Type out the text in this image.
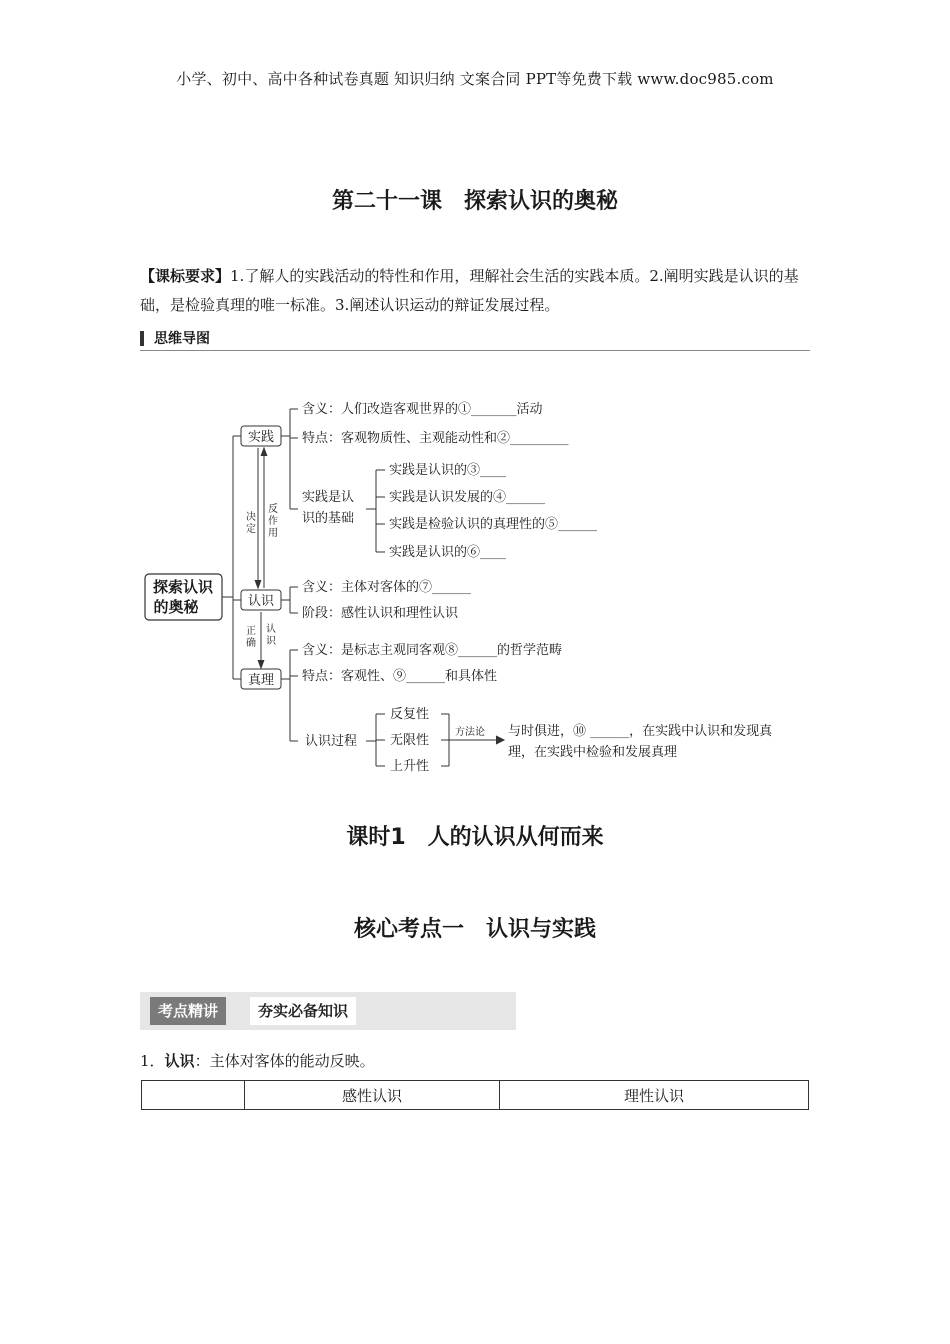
小学、初中、高中各种试卷真题 知识归纳 文案合同 PPT等免费下载 www.doc985.com
第二十一课　探索认识的奥秘
【课标要求】1.了解人的实践活动的特性和作用，理解社会生活的实践本质。2.阐明实践是认识的基础，是检验真理的唯一标准。3.阐述认识运动的辩证发展过程。
思维导图
探索认识
的奥秘
实践
认识
真理
决
定
反
作
用
正
确
认
识
含义：人们改造客观世界的①_______活动
特点：客观物质性、主观能动性和②_________
实践是认
识的基础
实践是认识的③____
实践是认识发展的④______
实践是检验认识的真理性的⑤______
实践是认识的⑥____
含义：主体对客体的⑦______
阶段：感性认识和理性认识
含义：是标志主观同客观⑧______的哲学范畴
特点：客观性、⑨______和具体性
认识过程
反复性
无限性
上升性
方法论 与时俱进，⑩ ______，在实践中认识和发现真
理，在实践中检验和发展真理
课时1　人的认识从何而来
核心考点一　认识与实践
考点精讲	夯实必备知识
1．认识：主体对客体的能动反映。
	感性认识	理性认识
